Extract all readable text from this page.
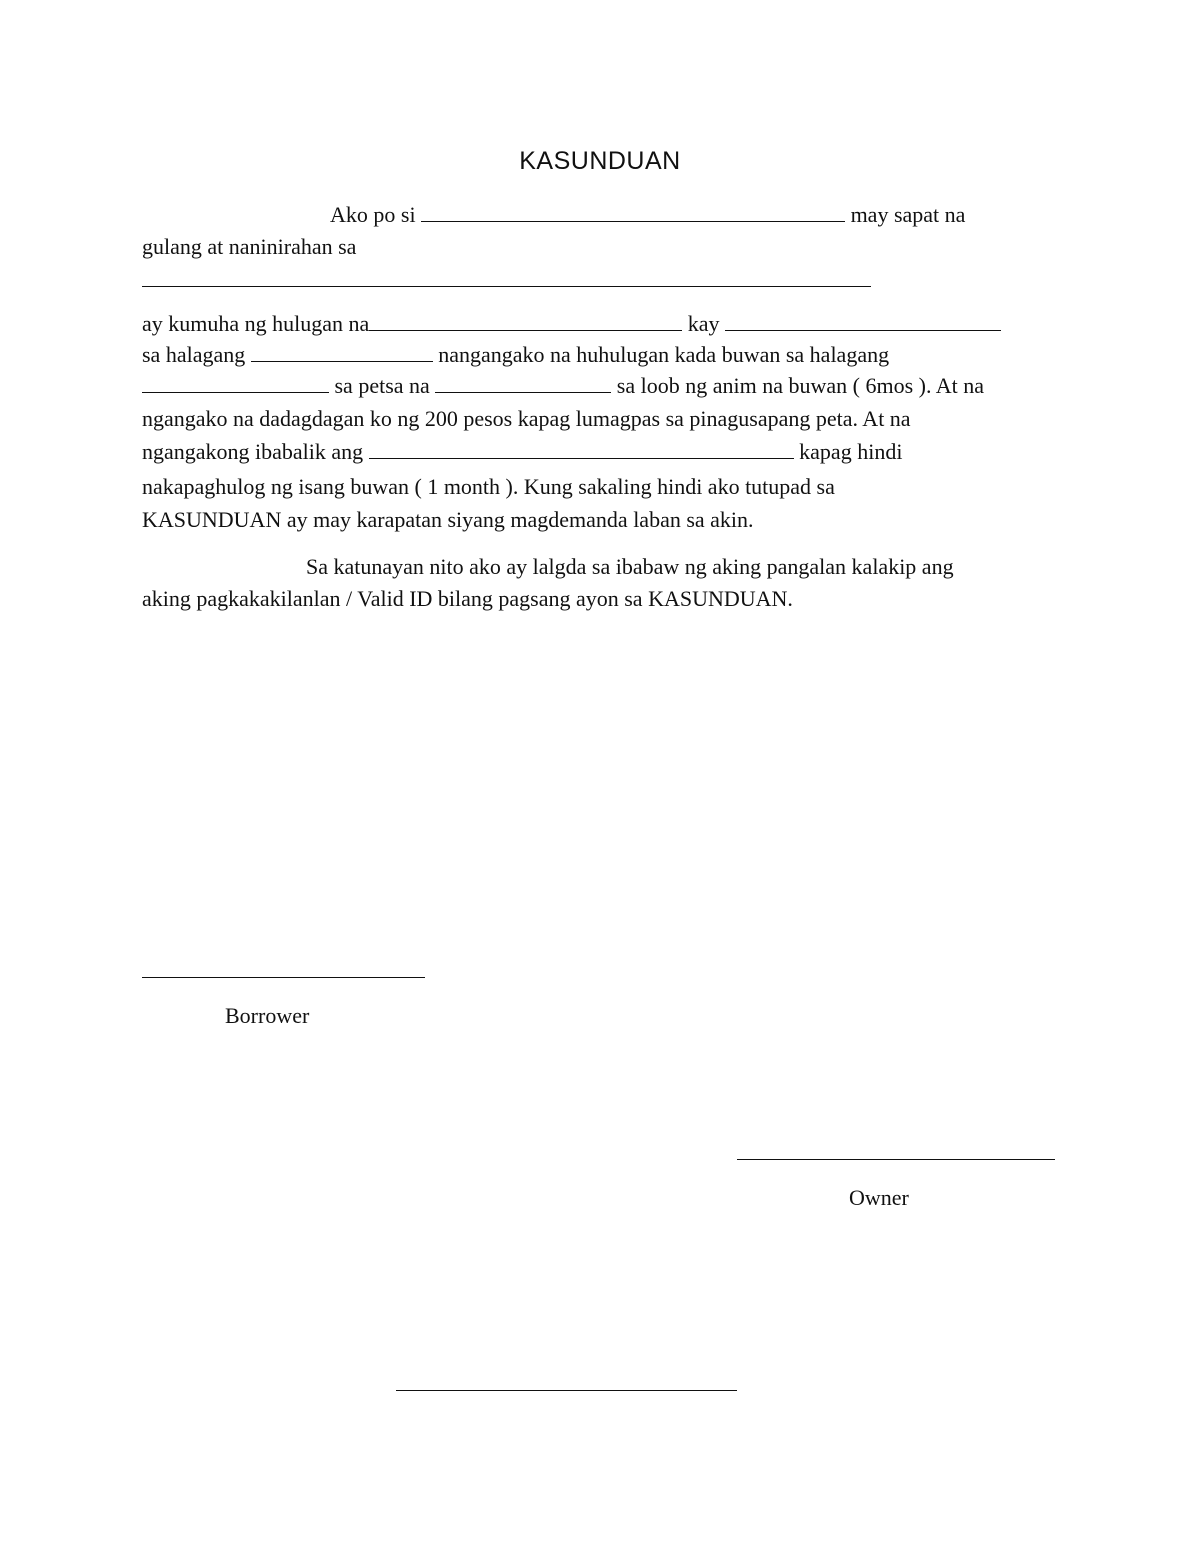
KASUNDUAN
Ako po si	may sapat na
gulang at naninirahan sa
ay kumuha ng hulugan na	kay
sa halagang	nangangako na huhulugan kada buwan sa halagang
sa petsa na	sa loob ng anim na buwan ( 6mos ). At na
ngangako na dadagdagan ko ng 200 pesos kapag lumagpas sa pinagusapang peta. At na
ngangakong ibabalik ang	kapag hindi
nakapaghulog ng isang buwan ( 1 month ). Kung sakaling hindi ako tutupad sa
KASUNDUAN ay may karapatan siyang magdemanda laban sa akin.
Sa katunayan nito ako ay lalgda sa ibabaw ng aking pangalan kalakip ang
aking pagkakakilanlan / Valid ID bilang pagsang ayon sa KASUNDUAN.
Borrower
Owner
